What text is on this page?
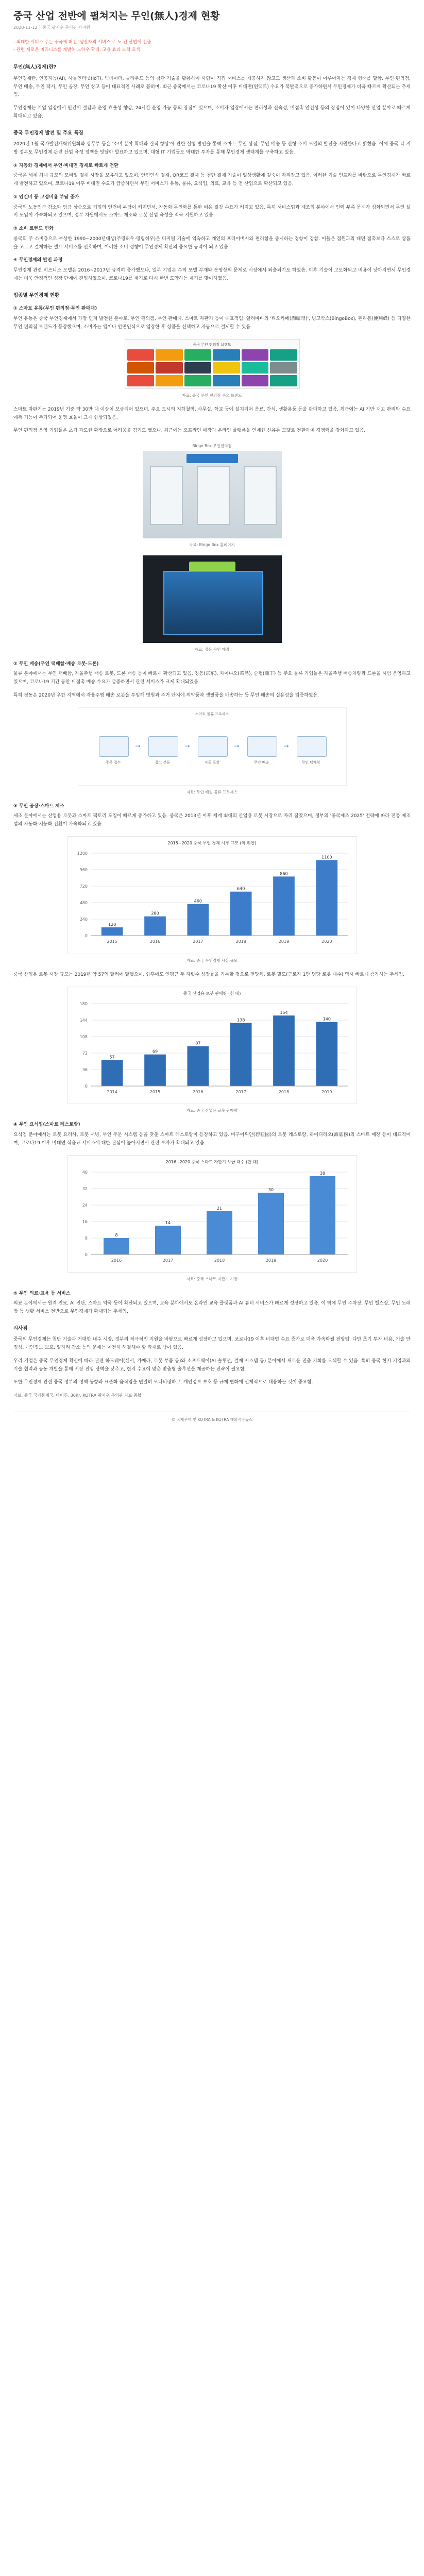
중국 산업 전반에 펼쳐지는 무인(無人)경제 현황
2020-11-12 │ 중국 광저우 무역관 박지원
- 최대한 서비스 주는 중국에 퍼진 '생산자의 서비스'로 노 전 산업에 진출
- 관련 새로운 비즈니스를 개발해 노하우 확대, 고용 효과 노력 모색
무인(無人)경제(란?

무인경제란, 인공지능(AI), 사물인터넷(IoT), 빅데이터, 클라우드 등의 첨단 기술을 활용하여 사람이 직접 서비스를 제공하지 않고도 생산과 소비 활동이 이루어지는 경제 형태를 말함. 무인 편의점, 무인 배송, 무인 택시, 무인 공장, 무인 창고 등이 대표적인 사례로 꼽히며, 최근 중국에서는 코로나19 확산 이후 비대면(언택트) 수요가 폭발적으로 증가하면서 무인경제가 더욱 빠르게 확산되는 추세임.

무인경제는 기업 입장에서 인건비 절감과 운영 효율성 향상, 24시간 운영 가능 등의 장점이 있으며, 소비자 입장에서는 편리성과 신속성, 비접촉 안전성 등의 장점이 있어 다양한 산업 분야로 빠르게 확대되고 있음.

중국 무인경제 발전 및 주요 특징

2020년 1월 국가발전개혁위원회와 상무부 등은 '소비 분야 확대와 질적 향상'에 관한 실행 방안을 통해 스마트 무인 상점, 무인 배송 등 신형 소비 모델의 발전을 지원한다고 밝혔음. 이에 중국 각 지방 정부도 무인경제 관련 산업 육성 정책을 잇달아 발표하고 있으며, 대형 IT 기업들도 막대한 투자를 통해 무인경제 생태계를 구축하고 있음.

① 자동화 경제에서 무인·비대면 경제로 빠르게 전환

중국은 세계 최대 규모의 모바일 결제 시장을 보유하고 있으며, 안면인식 결제, QR코드 결제 등 첨단 결제 기술이 일상생활에 깊숙이 자리잡고 있음. 이러한 기술 인프라를 바탕으로 무인경제가 빠르게 발전하고 있으며, 코로나19 이후 비대면 수요가 급증하면서 무인 서비스가 유통, 물류, 요식업, 의료, 교육 등 전 산업으로 확산되고 있음.

② 인건비 등 고정비용 부담 증가

중국의 노동인구 감소와 임금 상승으로 기업의 인건비 부담이 커지면서, 자동화·무인화를 통한 비용 절감 수요가 커지고 있음. 특히 서비스업과 제조업 분야에서 인력 부족 문제가 심화되면서 무인 설비 도입이 가속화되고 있으며, 정부 차원에서도 스마트 제조와 로봇 산업 육성을 적극 지원하고 있음.

③ 소비 트렌드 변화

중국의 주 소비층으로 부상한 1990~2000년대생(주링허우·링링허우)은 디지털 기술에 익숙하고 개인의 프라이버시와 편리함을 중시하는 경향이 강함. 이들은 점원과의 대면 접촉보다 스스로 상품을 고르고 결제하는 셀프 서비스를 선호하며, 이러한 소비 성향이 무인경제 확산의 중요한 동력이 되고 있음.

④ 무인경제의 발전 과정

무인경제 관련 비즈니스 모델은 2016~2017년 급격히 증가했으나, 일부 기업은 수익 모델 부재와 운영상의 문제로 시장에서 퇴출되기도 하였음. 이후 기술이 고도화되고 비용이 낮아지면서 무인경제는 더욱 안정적인 성장 단계에 진입하였으며, 코로나19를 계기로 다시 한번 도약하는 계기를 맞이하였음.

업종별 무인경제 현황
① 스마트 유통(무인 편의점·무인 판매대)

무인 유통은 중국 무인경제에서 가장 먼저 발전한 분야로, 무인 편의점, 무인 판매대, 스마트 자판기 등이 대표적임. 알리바바의 '타오카페(淘咖啡)', 빙고박스(BingoBox), 편리봉(便利蜂) 등 다양한 무인 편의점 브랜드가 등장했으며, 소비자는 앱이나 안면인식으로 입장한 후 상품을 선택하고 자동으로 결제할 수 있음.

중국 무인 편의점 브랜드
자료: 중국 무인 편의점 주요 브랜드

스마트 자판기는 2019년 기준 약 30만 대 이상이 보급되어 있으며, 주요 도시의 지하철역, 사무실, 학교 등에 설치되어 음료, 간식, 생활용품 등을 판매하고 있음. 최근에는 AI 기반 재고 관리와 수요 예측 기능이 추가되어 운영 효율이 크게 향상되었음.

무인 편의점 운영 기업들은 초기 과도한 확장으로 어려움을 겪기도 했으나, 최근에는 오프라인 매장과 온라인 플랫폼을 연계한 신유통 모델로 전환하며 경쟁력을 강화하고 있음.

Bingo Box 무인편의점
자료: Bingo Box 홈페이지
자료: 징동 무인 매장
② 무인 배송(무인 택배함·배송 로봇·드론)

물류 분야에서는 무인 택배함, 자율주행 배송 로봇, 드론 배송 등이 빠르게 확산되고 있음. 징동(京东), 차이냐오(菜鸟), 순펑(顺丰) 등 주요 물류 기업들은 자율주행 배송차량과 드론을 시범 운영하고 있으며, 코로나19 기간 동안 비접촉 배송 수요가 급증하면서 관련 서비스가 크게 확대되었음.

특히 징동은 2020년 우한 지역에서 자율주행 배송 로봇을 투입해 병원과 주거 단지에 의약품과 생필품을 배송하는 등 무인 배송의 실용성을 입증하였음.

스마트 물류 프로세스
주문 접수
→
창고 분류
→
자동 포장
→
무인 배송
→
무인 택배함
자료: 무인 배송 물류 프로세스
③ 무인 공장·스마트 제조

제조 분야에서는 산업용 로봇과 스마트 팩토리 도입이 빠르게 증가하고 있음. 중국은 2013년 이후 세계 최대의 산업용 로봇 시장으로 자리 잡았으며, 정부의 '중국제조 2025' 전략에 따라 전통 제조업의 자동화·지능화 전환이 가속화되고 있음.

2015~2020 중국 무인 경제 시장 규모 (억 위안)
0
240
480
720
960
1200
120
2015
280
2016
460
2017
640
2018
860
2019
1100
2020
자료: 중국 무인경제 시장 규모

중국 산업용 로봇 시장 규모는 2019년 약 57억 달러에 달했으며, 향후에도 연평균 두 자릿수 성장률을 기록할 것으로 전망됨. 로봇 밀도(근로자 1만 명당 로봇 대수) 역시 빠르게 증가하는 추세임.

중국 산업용 로봇 판매량 (천 대)
0
36
72
108
144
180
57
2014
69
2015
87
2016
138
2017
154
2018
140
2019
자료: 중국 산업용 로봇 판매량
④ 무인 요식업(스마트 레스토랑)

요식업 분야에서는 로봇 요리사, 로봇 서빙, 무인 주문 시스템 등을 갖춘 스마트 레스토랑이 등장하고 있음. 비구이위안(碧桂园)의 로봇 레스토랑, 하이디라오(海底捞)의 스마트 매장 등이 대표적이며, 코로나19 이후 비대면 식음료 서비스에 대한 관심이 높아지면서 관련 투자가 확대되고 있음.

2016~2020 중국 스마트 자판기 보급 대수 (만 대)
0
8
16
24
32
40
8
2016
14
2017
21
2018
30
2019
38
2020
자료: 중국 스마트 자판기 시장
⑤ 무인 의료·교육 등 서비스

의료 분야에서는 원격 진료, AI 진단, 스마트 약국 등이 확산되고 있으며, 교육 분야에서도 온라인 교육 플랫폼과 AI 튜터 서비스가 빠르게 성장하고 있음. 이 밖에 무인 주차장, 무인 헬스장, 무인 노래방 등 생활 서비스 전반으로 무인경제가 확대되는 추세임.

시사점

중국의 무인경제는 첨단 기술과 거대한 내수 시장, 정부의 적극적인 지원을 바탕으로 빠르게 성장하고 있으며, 코로나19 이후 비대면 수요 증가로 더욱 가속화될 전망임. 다만 초기 투자 비용, 기술 안정성, 개인정보 보호, 일자리 감소 등의 문제는 여전히 해결해야 할 과제로 남아 있음.

우리 기업은 중국 무인경제 확산에 따라 관련 하드웨어(센서, 카메라, 로봇 부품 등)와 소프트웨어(AI 솔루션, 결제 시스템 등) 분야에서 새로운 진출 기회를 모색할 수 있음. 특히 중국 현지 기업과의 기술 협력과 공동 개발을 통해 시장 진입 장벽을 낮추고, 현지 수요에 맞춘 맞춤형 솔루션을 제공하는 전략이 필요함.

또한 무인경제 관련 중국 정부의 정책 동향과 표준화 움직임을 면밀히 모니터링하고, 개인정보 보호 등 규제 변화에 선제적으로 대응하는 것이 중요함.

자료: 중국 국가통계국, 바이두, 36Kr, KOTRA 광저우 무역관 자료 종합
© 국제무역 및 KOTRA & KOTRA 해외시장뉴스
